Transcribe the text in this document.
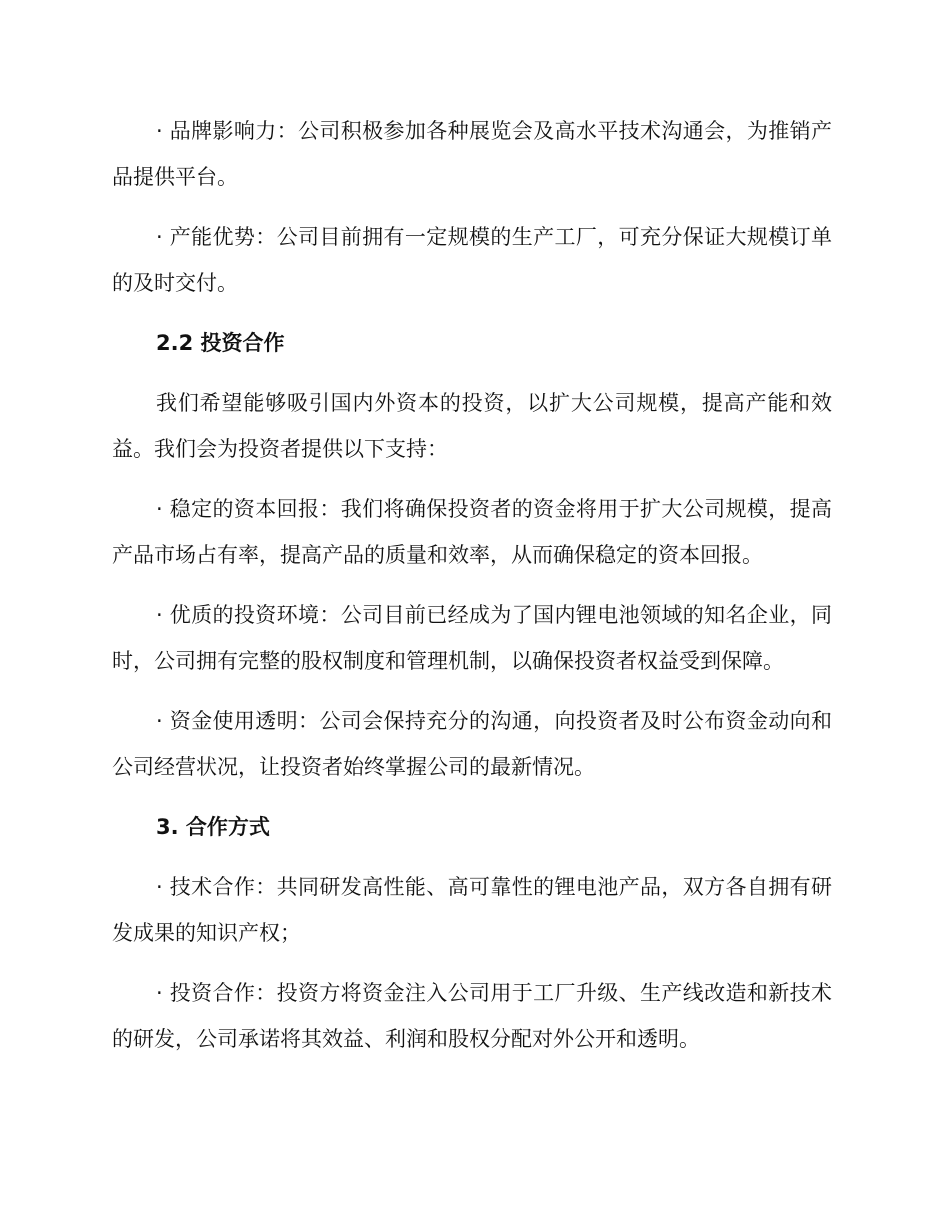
· 品牌影响力：公司积极参加各种展览会及高水平技术沟通会，为推销产品提供平台。

· 产能优势：公司目前拥有一定规模的生产工厂，可充分保证大规模订单的及时交付。

2.2 投资合作

我们希望能够吸引国内外资本的投资，以扩大公司规模，提高产能和效益。我们会为投资者提供以下支持：

· 稳定的资本回报：我们将确保投资者的资金将用于扩大公司规模，提高产品市场占有率，提高产品的质量和效率，从而确保稳定的资本回报。

· 优质的投资环境：公司目前已经成为了国内锂电池领域的知名企业，同时，公司拥有完整的股权制度和管理机制，以确保投资者权益受到保障。

· 资金使用透明：公司会保持充分的沟通，向投资者及时公布资金动向和公司经营状况，让投资者始终掌握公司的最新情况。

3. 合作方式

· 技术合作：共同研发高性能、高可靠性的锂电池产品，双方各自拥有研发成果的知识产权；

· 投资合作：投资方将资金注入公司用于工厂升级、生产线改造和新技术的研发，公司承诺将其效益、利润和股权分配对外公开和透明。
